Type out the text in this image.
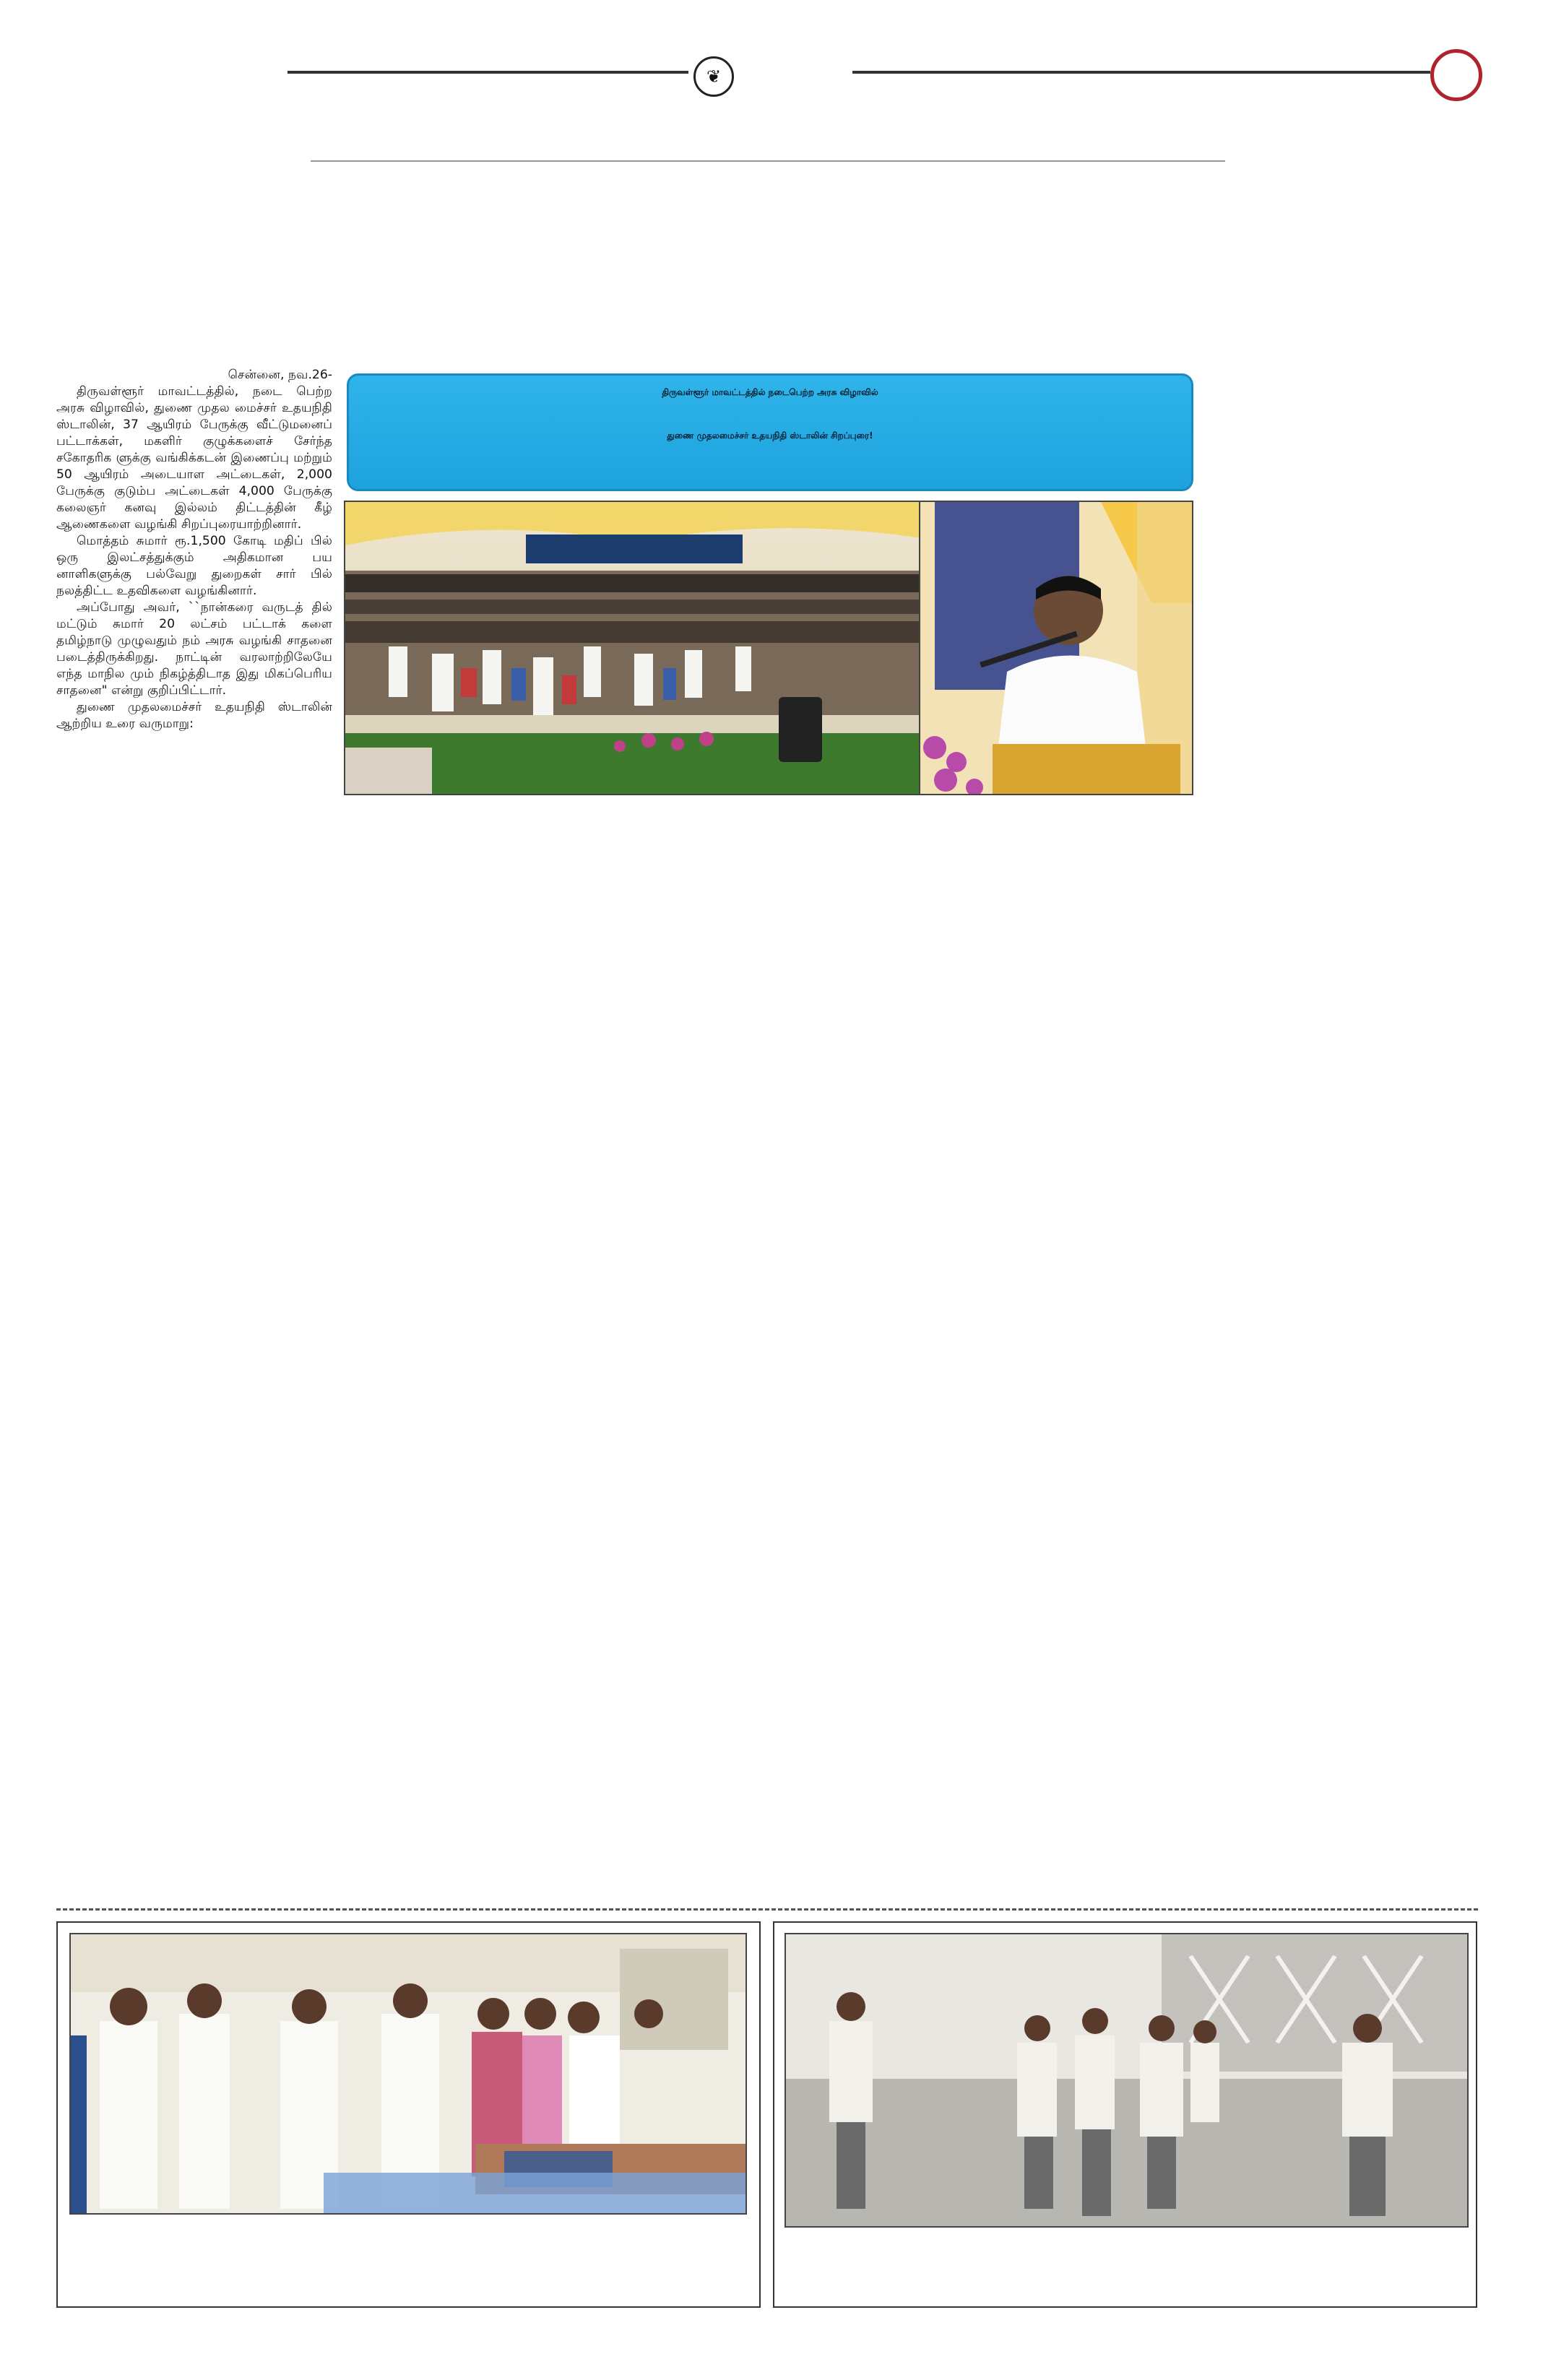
❦

சென்னை, நவ.26-

திருவள்ளூர் மாவட்டத்தில், நடை பெற்ற அரசு விழாவில், துணை முதல மைச்சர் உதயநிதி ஸ்டாலின், 37 ஆயிரம் பேருக்கு வீட்டுமனைப் பட்டாக்கள், மகளிர் குழுக்களைச் சேர்ந்த சகோதரிக ளுக்கு வங்கிக்கடன் இணைப்பு மற்றும் 50 ஆயிரம் அடையாள அட்டைகள், 2,000 பேருக்கு குடும்ப அட்டைகள் 4,000 பேருக்கு கலைஞர் கனவு இல்லம் திட்டத்தின் கீழ் ஆணைகளை வழங்கி சிறப்புரையாற்றினார்.

மொத்தம் சுமார் ரூ.1,500 கோடி மதிப் பில் ஒரு இலட்சத்துக்கும் அதிகமான பய னாளிகளுக்கு பல்வேறு துறைகள் சார் பில் நலத்திட்ட உதவிகளை வழங்கினார்.

அப்போது அவர், ``நான்கரை வருடத் தில் மட்டும் சுமார் 20 லட்சம் பட்டாக் களை தமிழ்நாடு முழுவதும் நம் அரசு வழங்கி சாதனை படைத்திருக்கிறது. நாட்டின் வரலாற்றிலேயே எந்த மாநில மும் நிகழ்த்திடாத இது மிகப்பெரிய சாதனை" என்று குறிப்பிட்டார்.

துணை முதலமைச்சர் உதயநிதி ஸ்டாலின் ஆற்றிய உரை வருமாறு:

திருவள்ளூர் மாவட்டத்தில் நடைபெற்ற அரசு விழாவில்
துணை முதலமைச்சர் உதயநிதி ஸ்டாலின் சிறப்புரை!
